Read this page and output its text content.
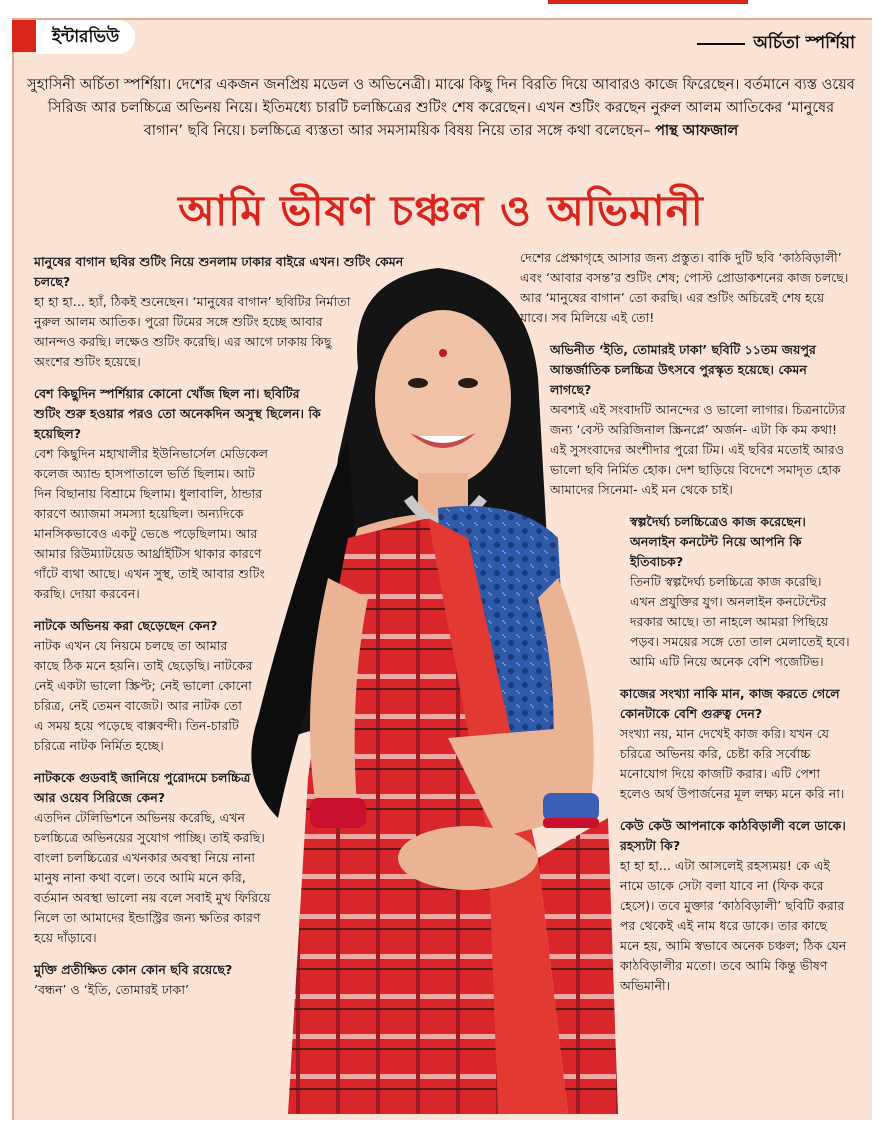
ইন্টারভিউ	অর্চিতা স্পর্শিয়া
সুহাসিনী অর্চিতা স্পর্শিয়া। দেশের একজন জনপ্রিয় মডেল ও অভিনেত্রী। মাঝে কিছু দিন বিরতি দিয়ে আবারও কাজে ফিরেছেন। বর্তমানে ব্যস্ত ওয়েব সিরিজ আর চলচ্চিত্রে অভিনয় নিয়ে। ইতিমধ্যে চারটি চলচ্চিত্রের শুটিং শেষ করেছেন। এখন শুটিং করছেন নুরুল আলম আতিকের ‘মানুষের বাগান’ ছবি নিয়ে। চলচ্চিত্রে ব্যস্ততা আর সমসাময়িক বিষয় নিয়ে তার সঙ্গে কথা বলেছেন– পান্থ আফজাল
আমি ভীষণ চঞ্চল ও অভিমানী

মানুষের বাগান ছবির শুটিং নিয়ে শুনলাম ঢাকার বাইরে এখন। শুটিং কেমন চলছে?
হা হা হা... হ্যাঁ, ঠিকই শুনেছেন। ‘মানুষের বাগান’ ছবিটির নির্মাতা নুরুল আলম আতিক। পুরো টিমের সঙ্গে শুটিং হচ্ছে আবার আনন্দও করছি। লক্ষেও শুটিং করেছি। এর আগে ঢাকায় কিছু অংশের শুটিং হয়েছে।

বেশ কিছুদিন স্পর্শিয়ার কোনো খোঁজ ছিল না। ছবিটির শুটিং শুরু হওয়ার পরও তো অনেকদিন অসুস্থ ছিলেন। কি হয়েছিল?
বেশ কিছুদিন মহাখালীর ইউনিভার্সেল মেডিকেল কলেজ অ্যান্ড হাসপাতালে ভর্তি ছিলাম। আট দিন বিছানায় বিশ্রামে ছিলাম। ধুলাবালি, ঠান্ডার কারণে অ্যাজমা সমস্যা হয়েছিল। অন্যদিকে মানসিকভাবেও একটু ভেঙে পড়েছিলাম। আর আমার রিউম্যাটয়েড আর্থ্রাইটিস থাকার কারণে গাঁটে ব্যথা আছে। এখন সুস্থ, তাই আবার শুটিং করছি। দোয়া করবেন।

নাটকে অভিনয় করা ছেড়েছেন কেন?
নাটক এখন যে নিয়মে চলছে তা আমার কাছে ঠিক মনে হয়নি। তাই ছেড়েছি। নাটকের নেই একটা ভালো স্ক্রিপ্ট; নেই ভালো কোনো চরিত্র, নেই তেমন বাজেট। আর নাটক তো এ সময় হয়ে পড়েছে বাক্সবন্দী। তিন-চারটি চরিত্রে নাটক নির্মিত হচ্ছে।

নাটককে গুডবাই জানিয়ে পুরোদমে চলচ্চিত্র আর ওয়েব সিরিজে কেন?
এতদিন টেলিভিশনে অভিনয় করেছি, এখন চলচ্চিত্রে অভিনয়ের সুযোগ পাচ্ছি। তাই করছি। বাংলা চলচ্চিত্রের এখনকার অবস্থা নিয়ে নানা মানুষ নানা কথা বলে। তবে আমি মনে করি, বর্তমান অবস্থা ভালো নয় বলে সবাই মুখ ফিরিয়ে নিলে তা আমাদের ইন্ডাস্ট্রির জন্য ক্ষতির কারণ হয়ে দাঁড়াবে।

মুক্তি প্রতীক্ষিত কোন কোন ছবি রয়েছে?
‘বন্ধন’ ও ‘ইতি, তোমারই ঢাকা’

দেশের প্রেক্ষাগৃহে আসার জন্য প্রস্তুত। বাকি দুটি ছবি ‘কাঠবিড়ালী’ এবং ‘আবার বসন্ত’র শুটিং শেষ; পোস্ট প্রোডাকশনের কাজ চলছে। আর ‘মানুষের বাগান’ তো করছি। এর শুটিং অচিরেই শেষ হয়ে যাবে। সব মিলিয়ে এই তো!

অভিনীত ‘ইতি, তোমারই ঢাকা’ ছবিটি ১১তম জয়পুর আন্তর্জাতিক চলচ্চিত্র উৎসবে পুরস্কৃত হয়েছে। কেমন লাগছে?
অবশ্যই এই সংবাদটি আনন্দের ও ভালো লাগার। চিত্রনাট্যের জন্য ‘বেস্ট অরিজিনাল স্ক্রিনপ্লে’ অর্জন- এটা কি কম কথা! এই সুসংবাদের অংশীদার পুরো টিম। এই ছবির মতোই আরও ভালো ছবি নির্মিত হোক। দেশ ছাড়িয়ে বিদেশে সমাদৃত হোক আমাদের সিনেমা- এই মন থেকে চাই।

স্বল্পদৈর্ঘ্য চলচ্চিত্রেও কাজ করেছেন। অনলাইন কনটেন্ট নিয়ে আপনি কি ইতিবাচক?
তিনটি স্বল্পদৈর্ঘ্য চলচ্চিত্রে কাজ করেছি। এখন প্রযুক্তির যুগ। অনলাইন কনটেন্টের দরকার আছে। তা নাহলে আমরা পিছিয়ে পড়ব। সময়ের সঙ্গে তো তাল মেলাতেই হবে। আমি এটি নিয়ে অনেক বেশি পজেটিভ।

কাজের সংখ্যা নাকি মান, কাজ করতে গেলে কোনটাকে বেশি গুরুত্ব দেন?
সংখ্যা নয়, মান দেখেই কাজ করি। যখন যে চরিত্রে অভিনয় করি, চেষ্টা করি সর্বোচ্চ মনোযোগ দিয়ে কাজটি করার। এটি পেশা হলেও অর্থ উপার্জনের মূল লক্ষ্য মনে করি না।

কেউ কেউ আপনাকে কাঠবিড়ালী বলে ডাকে। রহস্যটা কি?
হা হা হা... এটা আসলেই রহস্যময়! কে এই নামে ডাকে সেটা বলা যাবে না (ফিক করে হেসে)। তবে মুক্তার ‘কাঠবিড়ালী’ ছবিটি করার পর থেকেই এই নাম ধরে ডাকে। তার কাছে মনে হয়, আমি স্বভাবে অনেক চঞ্চল; ঠিক যেন কাঠবিড়ালীর মতো। তবে আমি কিন্তু ভীষণ অভিমানী।
